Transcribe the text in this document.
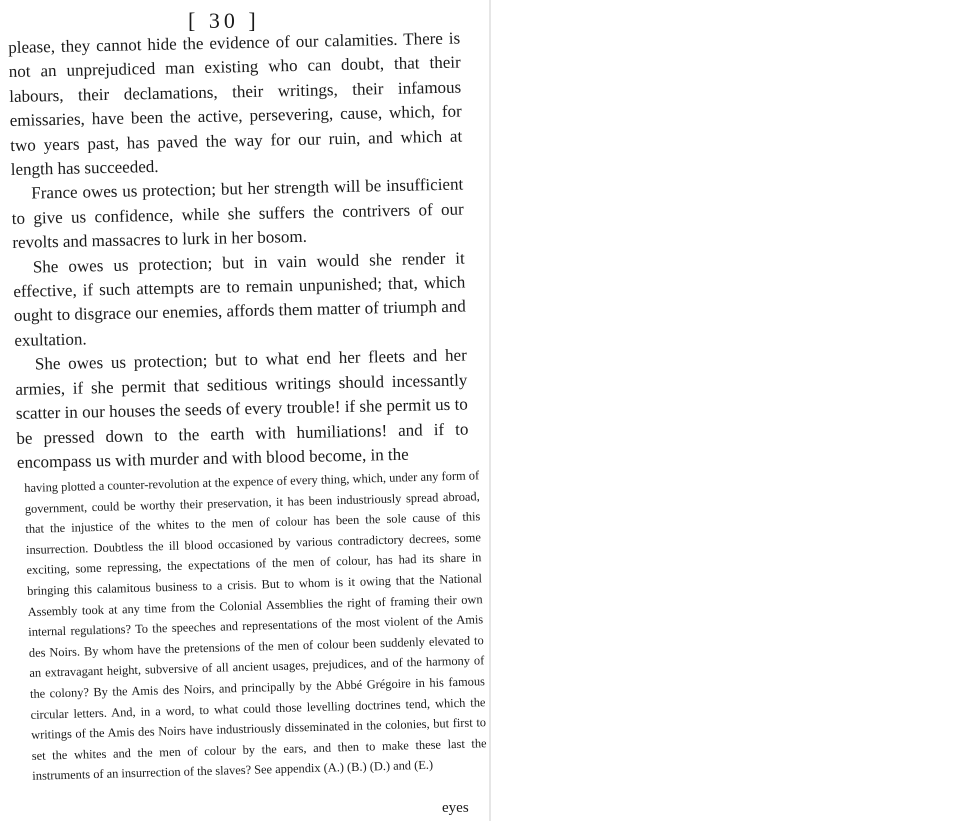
[ 30 ]

please, they cannot hide the evidence of our calamities. There is not an unprejudiced man existing who can doubt, that their labours, their declamations, their writings, their infamous emissaries, have been the active, persevering, cause, which, for two years past, has paved the way for our ruin, and which at length has succeeded.

France owes us protection; but her strength will be insufficient to give us confidence, while she suffers the contrivers of our revolts and massacres to lurk in her bosom.

She owes us protection; but in vain would she render it effective, if such attempts are to remain unpunished; that, which ought to disgrace our enemies, affords them matter of triumph and exultation.

She owes us protection; but to what end her fleets and her armies, if she permit that seditious writings should incessantly scatter in our houses the seeds of every trouble! if she permit us to be pressed down to the earth with humiliations! and if to encompass us with murder and with blood become, in the

having plotted a counter-revolution at the expence of every thing, which, under any form of government, could be worthy their preservation, it has been industriously spread abroad, that the injustice of the whites to the men of colour has been the sole cause of this insurrection. Doubtless the ill blood occasioned by various contradictory decrees, some exciting, some repressing, the expectations of the men of colour, has had its share in bringing this calamitous business to a crisis. But to whom is it owing that the National Assembly took at any time from the Colonial Assemblies the right of framing their own internal regulations? To the speeches and representations of the most violent of the Amis des Noirs. By whom have the pretensions of the men of colour been suddenly elevated to an extravagant height, subversive of all ancient usages, prejudices, and of the harmony of the colony? By the Amis des Noirs, and principally by the Abbé Grégoire in his famous circular letters. And, in a word, to what could those levelling doctrines tend, which the writings of the Amis des Noirs have industriously disseminated in the colonies, but first to set the whites and the men of colour by the ears, and then to make these last the instruments of an insurrection of the slaves? See appendix (A.) (B.) (D.) and (E.)

eyes
